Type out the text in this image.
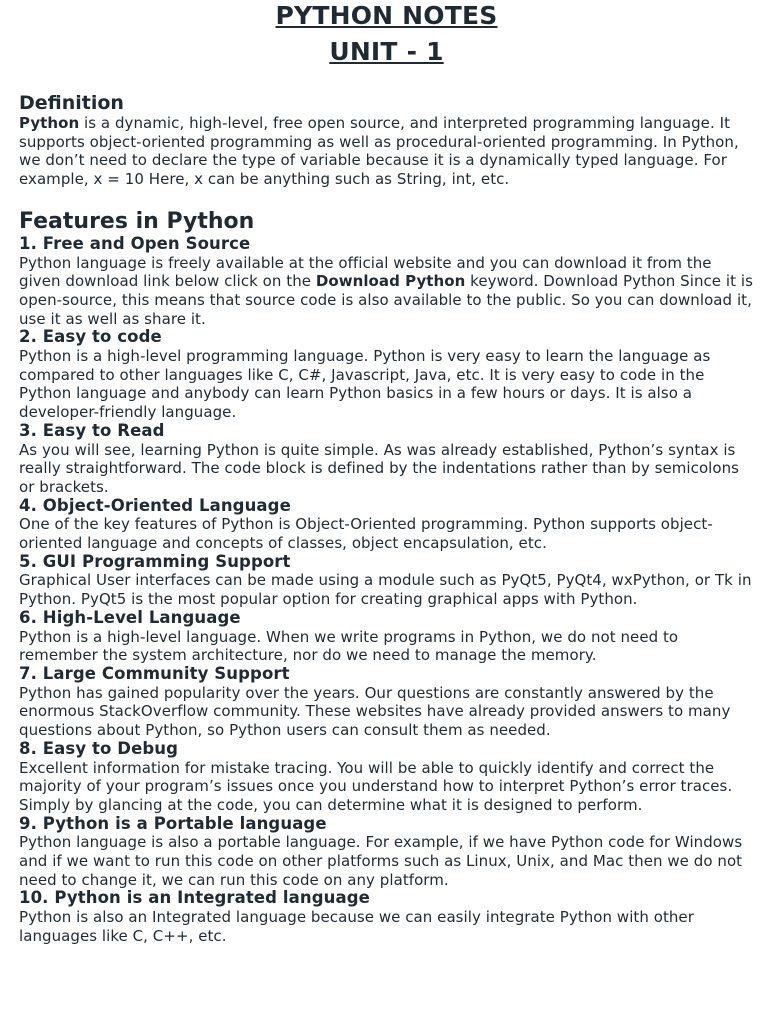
PYTHON NOTES
UNIT - 1
Definition

Python is a dynamic, high-level, free open source, and interpreted programming language. It supports object-oriented programming as well as procedural-oriented programming. In Python, we don’t need to declare the type of variable because it is a dynamically typed language. For example, x = 10 Here, x can be anything such as String, int, etc.

Features in Python
1. Free and Open Source

Python language is freely available at the official website and you can download it from the given download link below click on the Download Python keyword. Download Python Since it is open-source, this means that source code is also available to the public. So you can download it, use it as well as share it.

2. Easy to code

Python is a high-level programming language. Python is very easy to learn the language as compared to other languages like C, C#, Javascript, Java, etc. It is very easy to code in the Python language and anybody can learn Python basics in a few hours or days. It is also a developer-friendly language.

3. Easy to Read

As you will see, learning Python is quite simple. As was already established, Python’s syntax is really straightforward. The code block is defined by the indentations rather than by semicolons or brackets.

4. Object-Oriented Language

One of the key features of Python is Object-Oriented programming. Python supports object-oriented language and concepts of classes, object encapsulation, etc.

5. GUI Programming Support

Graphical User interfaces can be made using a module such as PyQt5, PyQt4, wxPython, or Tk in Python. PyQt5 is the most popular option for creating graphical apps with Python.

6. High-Level Language

Python is a high-level language. When we write programs in Python, we do not need to remember the system architecture, nor do we need to manage the memory.

7. Large Community Support

Python has gained popularity over the years. Our questions are constantly answered by the enormous StackOverflow community. These websites have already provided answers to many questions about Python, so Python users can consult them as needed.

8. Easy to Debug

Excellent information for mistake tracing. You will be able to quickly identify and correct the majority of your program’s issues once you understand how to interpret Python’s error traces. Simply by glancing at the code, you can determine what it is designed to perform.

9. Python is a Portable language

Python language is also a portable language. For example, if we have Python code for Windows and if we want to run this code on other platforms such as Linux, Unix, and Mac then we do not need to change it, we can run this code on any platform.

10. Python is an Integrated language

Python is also an Integrated language because we can easily integrate Python with other languages like C, C++, etc.
